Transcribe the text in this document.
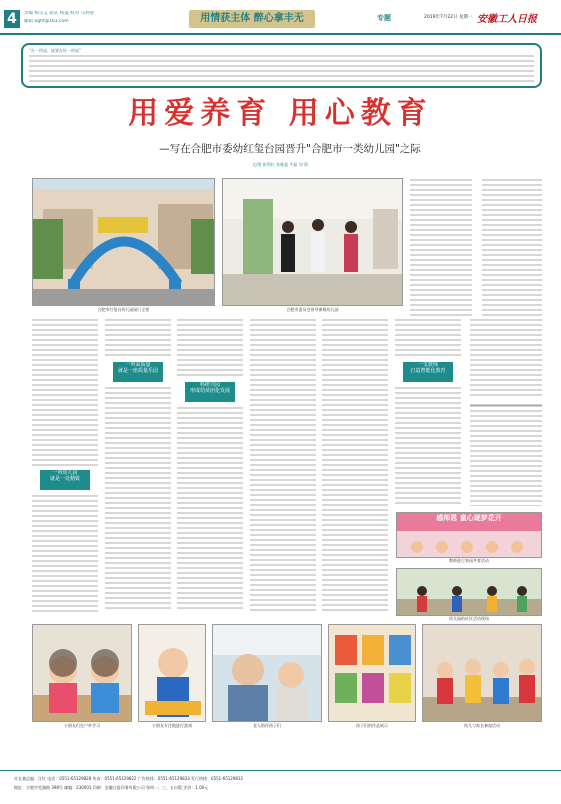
4	责编 杨宗艾 版式 杨曼 校对 马利春
邮箱 aghf@163.com	用情获主体 醉心拿丰无	专题	2019年7月22日 星期一 安徽工人日报
"办一所园，就要办好一所园"
用爱养育 用心教育
—写在合肥市委幼红玺台园晋升"合肥市一类幼儿园"之际
文/图 崔利红 张雁超 牛磊 刘 莉
合肥市红玺台幼儿园园门全景	合肥市委员会领导参观幼儿园
一所幼儿园
就是一处精致
一所高质量
就是一座质量乐园
科研兴园
形成幼苗团化发展
一支教师
打造智能化教育
感师恩 童心逐梦花开
教师进行家园共育活动
幼儿园的社区活动现场
小朋友们在户外学习	小朋友专注地进行游戏	老人陪伴孩子们	孩子们的作品展示	幼儿与家长参加活动
社长兼总编：汪红 电话：0551-65129828 传真：0551-65129822 广告热线：0551-65129833 发行热线：0551-65129812
地址：合肥市芜湖路 398号 邮编：230001 印刷：安徽日报印务有限公司 每周一、三、五出版 定价：1.00元
